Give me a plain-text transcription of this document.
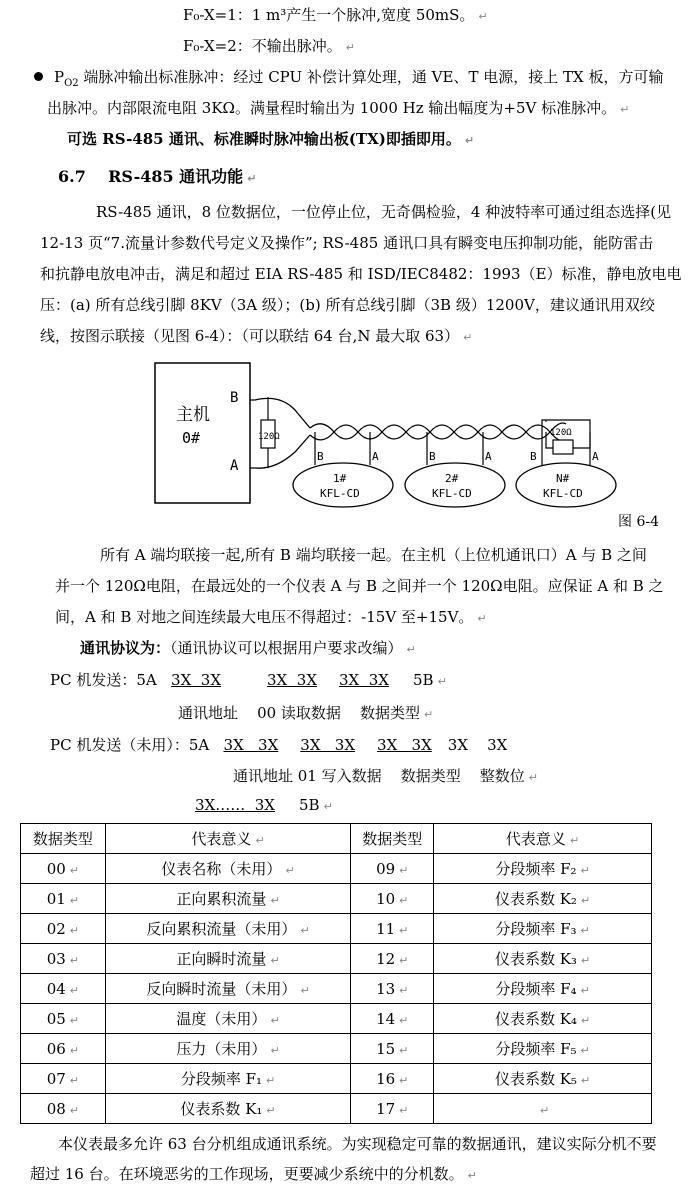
F₀-X=1：1 m³产生一个脉冲,宽度 50mS。 ↵
F₀-X=2：不输出脉冲。 ↵
$P_{O2}$ 端脉冲输出标准脉冲：经过 CPU 补偿计算处理，通 VE、T 电源，接上 TX 板，方可输
出脉冲。内部限流电阻 3KΩ。满量程时输出为 1000 Hz 输出幅度为+5V 标准脉冲。 ↵
可选 RS-485 通讯、标准瞬时脉冲输出板(TX)即插即用。 ↵
6.7 RS-485 通讯功能 ↵
RS-485 通讯，8 位数据位，一位停止位，无奇偶检验，4 种波特率可通过组态选择(见
12-13 页“7.流量计参数代号定义及操作”; RS-485 通讯口具有瞬变电压抑制功能，能防雷击
和抗静电放电冲击，满足和超过 EIA RS-485 和 ISD/IEC8482：1993（E）标准，静电放电电
压：(a) 所有总线引脚 8KV（3A 级）；(b) 所有总线引脚（3B 级）1200V，建议通讯用双绞
线，按图示联接（见图 6-4）：（可以联结 64 台,N 最大取 63） ↵
主机
0#
B
A
120Ω	120Ω
B	A	B	A	B	A
1#
KFL-CD
2#
KFL-CD
N#
KFL-CD
图 6-4
所有 A 端均联接一起,所有 B 端均联接一起。在主机（上位机通讯口）A 与 B 之间
并一个 120Ω电阻，在最远处的一个仪表 A 与 B 之间并一个 120Ω电阻。应保证 A 和 B 之
间，A 和 B 对地之间连续最大电压不得超过：-15V 至+15V。 ↵
通讯协议为：（通讯协议可以根据用户要求改编） ↵
PC 机发送：5A 3X  3X	3X  3X 3X  3X 5B ↵
通讯地址    00 读取数据    数据类型 ↵
PC 机发送（未用）：5A 3X   3X 3X   3X 3X   3X 3X    3X
通讯地址 01 写入数据    数据类型    整数位 ↵
3X……  3X 5B ↵
数据类型	代表意义 ↵	数据类型	代表意义 ↵
00 ↵	仪表名称（未用） ↵	09 ↵	分段频率 F₂ ↵
01 ↵	正向累积流量 ↵	10 ↵	仪表系数 K₂ ↵
02 ↵	反向累积流量（未用） ↵	11 ↵	分段频率 F₃ ↵
03 ↵	正向瞬时流量 ↵	12 ↵	仪表系数 K₃ ↵
04 ↵	反向瞬时流量（未用） ↵	13 ↵	分段频率 F₄ ↵
05 ↵	温度（未用） ↵	14 ↵	仪表系数 K₄ ↵
06 ↵	压力（未用） ↵	15 ↵	分段频率 F₅ ↵
07 ↵	分段频率 F₁ ↵	16 ↵	仪表系数 K₅ ↵
08 ↵	仪表系数 K₁ ↵	17 ↵	↵
本仪表最多允许 63 台分机组成通讯系统。为实现稳定可靠的数据通讯，建议实际分机不要
超过 16 台。在环境恶劣的工作现场，更要减少系统中的分机数。 ↵
